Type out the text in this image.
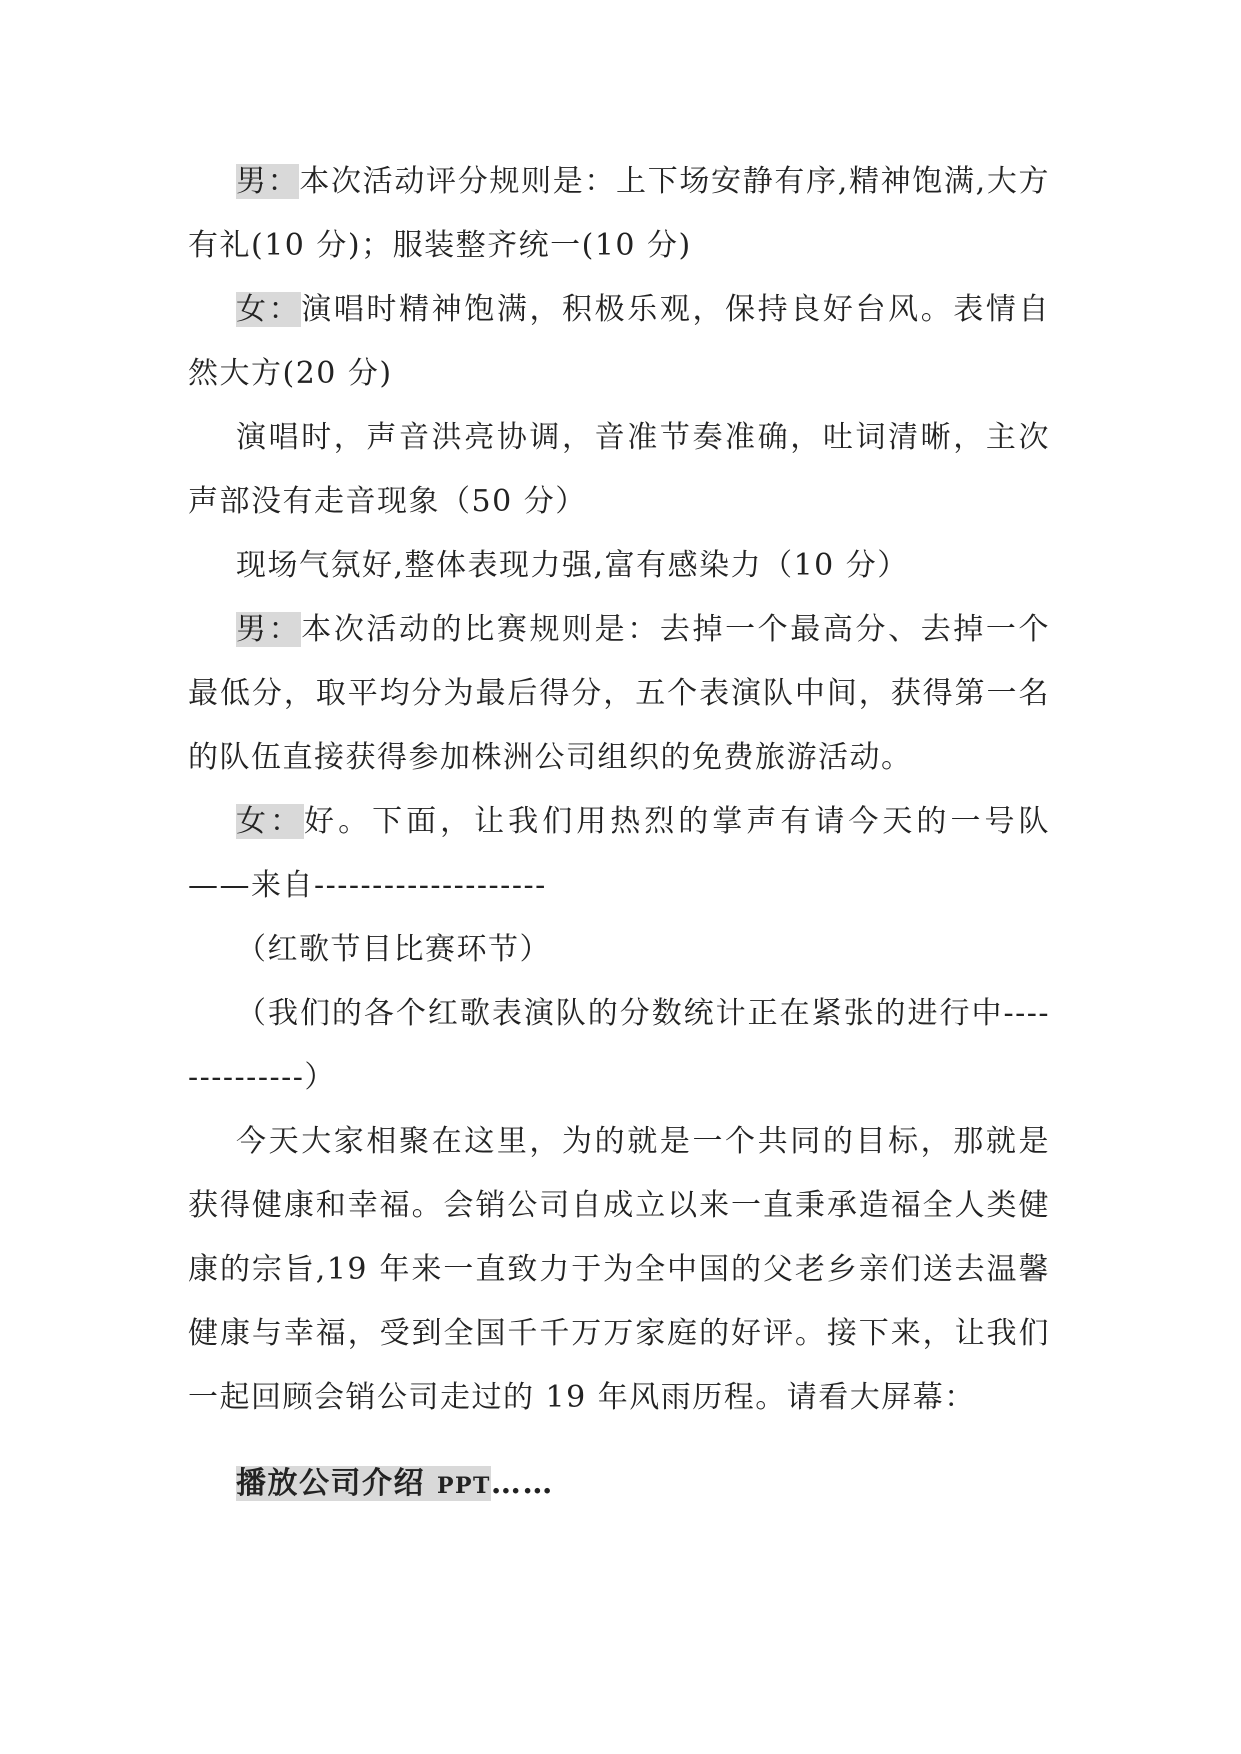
男：本次活动评分规则是：上下场安静有序,精神饱满,大方有礼(10 分)；服装整齐统一(10 分)

女：演唱时精神饱满，积极乐观，保持良好台风。表情自然大方(20 分)

演唱时，声音洪亮协调，音准节奏准确，吐词清晰，主次声部没有走音现象（50 分）

现场气氛好,整体表现力强,富有感染力（10 分）

男：本次活动的比赛规则是：去掉一个最高分、去掉一个最低分，取平均分为最后得分，五个表演队中间，获得第一名的队伍直接获得参加株洲公司组织的免费旅游活动。

女：好。下面，让我们用热烈的掌声有请今天的一号队——来自--------------------

（红歌节目比赛环节）

（我们的各个红歌表演队的分数统计正在紧张的进行中--------------）

今天大家相聚在这里，为的就是一个共同的目标，那就是获得健康和幸福。会销公司自成立以来一直秉承造福全人类健康的宗旨,19 年来一直致力于为全中国的父老乡亲们送去温馨健康与幸福，受到全国千千万万家庭的好评。接下来，让我们一起回顾会销公司走过的 19 年风雨历程。请看大屏幕：

播放公司介绍 PPT……
